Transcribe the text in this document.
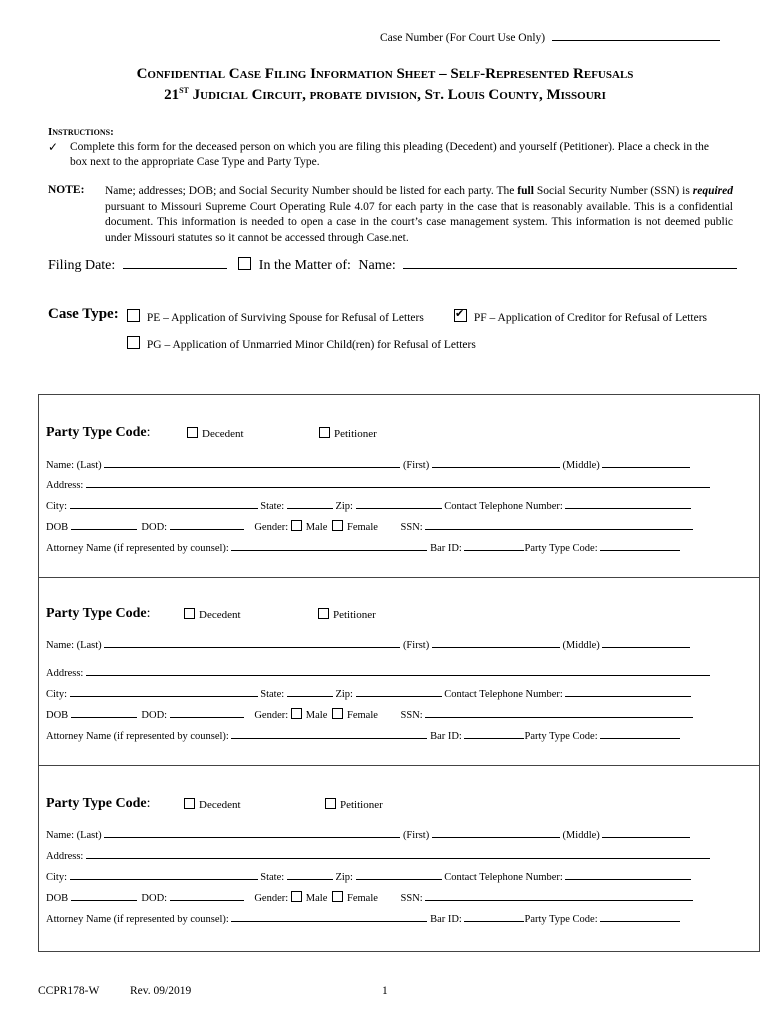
Case Number (For Court Use Only)
Confidential Case Filing Information Sheet – Self-Represented Refusals
21ST Judicial Circuit, probate division, St. Louis County, Missouri
Instructions:
✓ Complete this form for the deceased person on which you are filing this pleading (Decedent) and yourself (Petitioner). Place a check in the box next to the appropriate Case Type and Party Type.
NOTE: Name; addresses; DOB; and Social Security Number should be listed for each party. The full Social Security Number (SSN) is required pursuant to Missouri Supreme Court Operating Rule 4.07 for each party in the case that is reasonably available. This is a confidential document. This information is needed to open a case in the court’s case management system. This information is not deemed public under Missouri statutes so it cannot be accessed through Case.net.
Filing Date:	In the Matter of: Name:
Case Type:	PE – Application of Surviving Spouse for Refusal of Letters ✔	PF – Application of Creditor for Refusal of Letters
PG – Application of Unmarried Minor Child(ren) for Refusal of Letters
Party Type Code:	Decedent	Petitioner
Name: (Last)	(First)	(Middle)
Address:
City:	State:	Zip:	Contact Telephone Number:
DOB	DOD:	Gender: Male Female SSN:
Attorney Name (if represented by counsel):	Bar ID:	Party Type Code:
Party Type Code:	Decedent	Petitioner
Name: (Last)	(First)	(Middle)
Address:
City:	State:	Zip:	Contact Telephone Number:
DOB	DOD:	Gender: Male Female SSN:
Attorney Name (if represented by counsel):	Bar ID:	Party Type Code:
Party Type Code:	Decedent	Petitioner
Name: (Last)	(First)	(Middle)
Address:
City:	State:	Zip:	Contact Telephone Number:
DOB	DOD:	Gender: Male Female SSN:
Attorney Name (if represented by counsel):	Bar ID:	Party Type Code:
CCPR178-W	Rev. 09/2019	1
